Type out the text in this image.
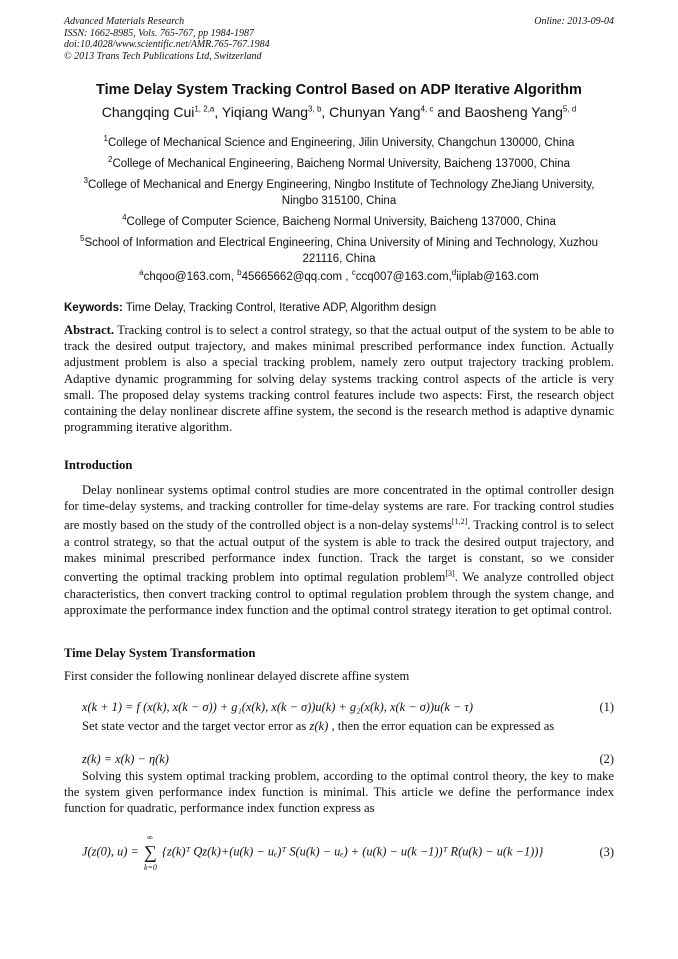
Advanced Materials Research
ISSN: 1662-8985, Vols. 765-767, pp 1984-1987
doi:10.4028/www.scientific.net/AMR.765-767.1984
© 2013 Trans Tech Publications Ltd, Switzerland
Online: 2013-09-04
Time Delay System Tracking Control Based on ADP Iterative Algorithm
Changqing Cui$^{1, 2,a}$, Yiqiang Wang$^{3, b}$, Chunyan Yang$^{4, c}$ and Baosheng Yang$^{5, d}$
$^1$College of Mechanical Science and Engineering, Jilin University, Changchun 130000, China
$^2$College of Mechanical Engineering, Baicheng Normal University, Baicheng 137000, China
$^3$College of Mechanical and Energy Engineering, Ningbo Institute of Technology ZheJiang University, Ningbo 315100, China
$^4$College of Computer Science, Baicheng Normal University, Baicheng 137000, China
$^5$School of Information and Electrical Engineering, China University of Mining and Technology, Xuzhou 221116, China
$^a$chqoo@163.com, $^b$45665662@qq.com , $^c$ccq007@163.com,$^d$iiplab@163.com
Keywords: Time Delay, Tracking Control, Iterative ADP, Algorithm design
Abstract. Tracking control is to select a control strategy, so that the actual output of the system to be able to track the desired output trajectory, and makes minimal prescribed performance index function. Actually adjustment problem is also a special tracking problem, namely zero output trajectory tracking problem. Adaptive dynamic programming for solving delay systems tracking control aspects of the article is very small. The proposed delay systems tracking control features include two aspects: First, the research object containing the delay nonlinear discrete affine system, the second is the research method is adaptive dynamic programming iterative algorithm.
Introduction
Delay nonlinear systems optimal control studies are more concentrated in the optimal controller design for time-delay systems, and tracking controller for time-delay systems are rare. For tracking control studies are mostly based on the study of the controlled object is a non-delay systems[1,2]. Tracking control is to select a control strategy, so that the actual output of the system is able to track the desired output trajectory, and makes minimal prescribed performance index function. Track the target is constant, so we consider converting the optimal tracking problem into optimal regulation problem[3]. We analyze controlled object characteristics, then convert tracking control to optimal regulation problem through the system change, and approximate the performance index function and the optimal control strategy iteration to get optimal control.
Time Delay System Transformation
First consider the following nonlinear delayed discrete affine system
x(k + 1) = f (x(k), x(k − σ)) + g₁(x(k), x(k − σ))u(k) + g₂(x(k), x(k − σ))u(k − τ)	(1)
Set state vector and the target vector error as z(k) , then the error equation can be expressed as
z(k) = x(k) − η(k)	(2)
Solving this system optimal tracking problem, according to the optimal control theory, the key to make the system given performance index function is minimal. This article we define the performance index function for quadratic, performance index function express as
J(z(0), u) = ∑
∞
k=0
{z(k)ᵀ Qz(k)+(u(k) − uₑ)ᵀ S(u(k) − uₑ) + (u(k) − u(k −1))ᵀ R(u(k) − u(k −1))}	(3)
